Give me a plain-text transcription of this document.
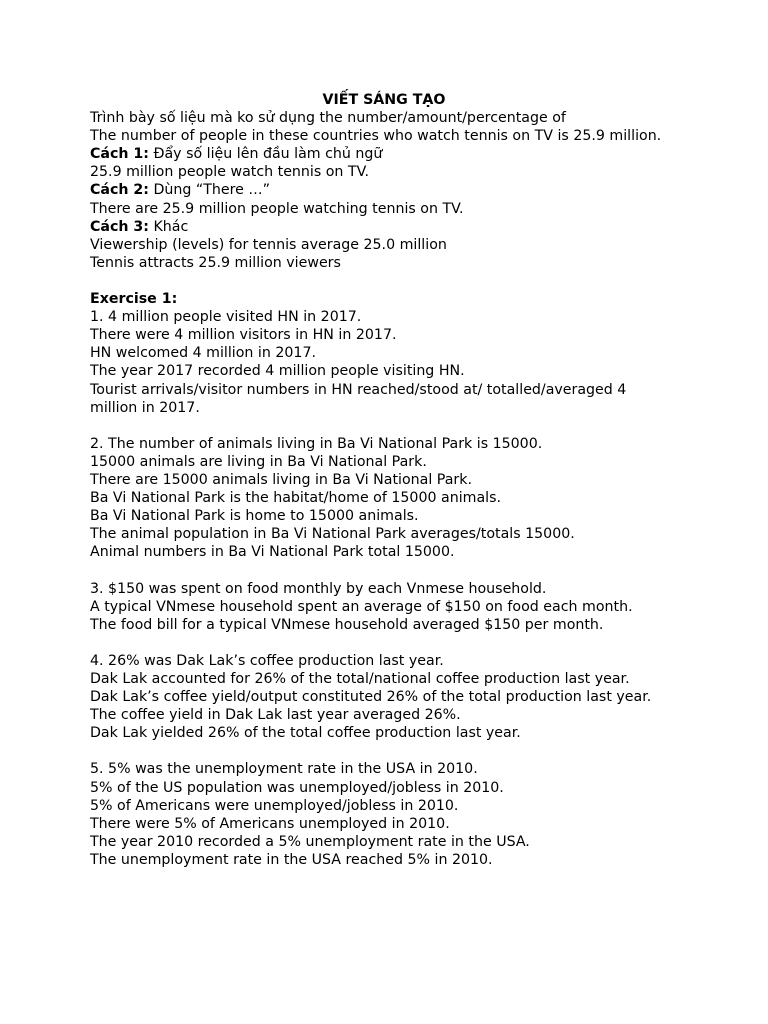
VIẾT SÁNG TẠO

Trình bày số liệu mà ko sử dụng the number/amount/percentage of

The number of people in these countries who watch tennis on TV is 25.9 million.

Cách 1: Đẩy số liệu lên đầu làm chủ ngữ

25.9 million people watch tennis on TV.

Cách 2: Dùng “There …”

There are 25.9 million people watching tennis on TV.

Cách 3: Khác

Viewership (levels) for tennis average 25.0 million

Tennis attracts 25.9 million viewers

Exercise 1:

1. 4 million people visited HN in 2017.

There were 4 million visitors in HN in 2017.

HN welcomed 4 million in 2017.

The year 2017 recorded 4 million people visiting HN.

Tourist arrivals/visitor numbers in HN reached/stood at/ totalled/averaged 4 million in 2017.

2. The number of animals living in Ba Vi National Park is 15000.

15000 animals are living in Ba Vi National Park.

There are 15000 animals living in Ba Vi National Park.

Ba Vi National Park is the habitat/home of 15000 animals.

Ba Vi National Park is home to 15000 animals.

The animal population in Ba Vi National Park averages/totals 15000.

Animal numbers in Ba Vi National Park total 15000.

3. $150 was spent on food monthly by each Vnmese household.

A typical VNmese household spent an average of $150 on food each month.

The food bill for a typical VNmese household averaged $150 per month.

4. 26% was Dak Lak’s coffee production last year.

Dak Lak accounted for 26% of the total/national coffee production last year.

Dak Lak’s coffee yield/output constituted 26% of the total production last year.

The coffee yield in Dak Lak last year averaged 26%.

Dak Lak yielded 26% of the total coffee production last year.

5. 5% was the unemployment rate in the USA in 2010.

5% of the US population was unemployed/jobless in 2010.

5% of Americans were unemployed/jobless in 2010.

There were 5% of Americans unemployed in 2010.

The year 2010 recorded a 5% unemployment rate in the USA.

The unemployment rate in the USA reached 5% in 2010.
